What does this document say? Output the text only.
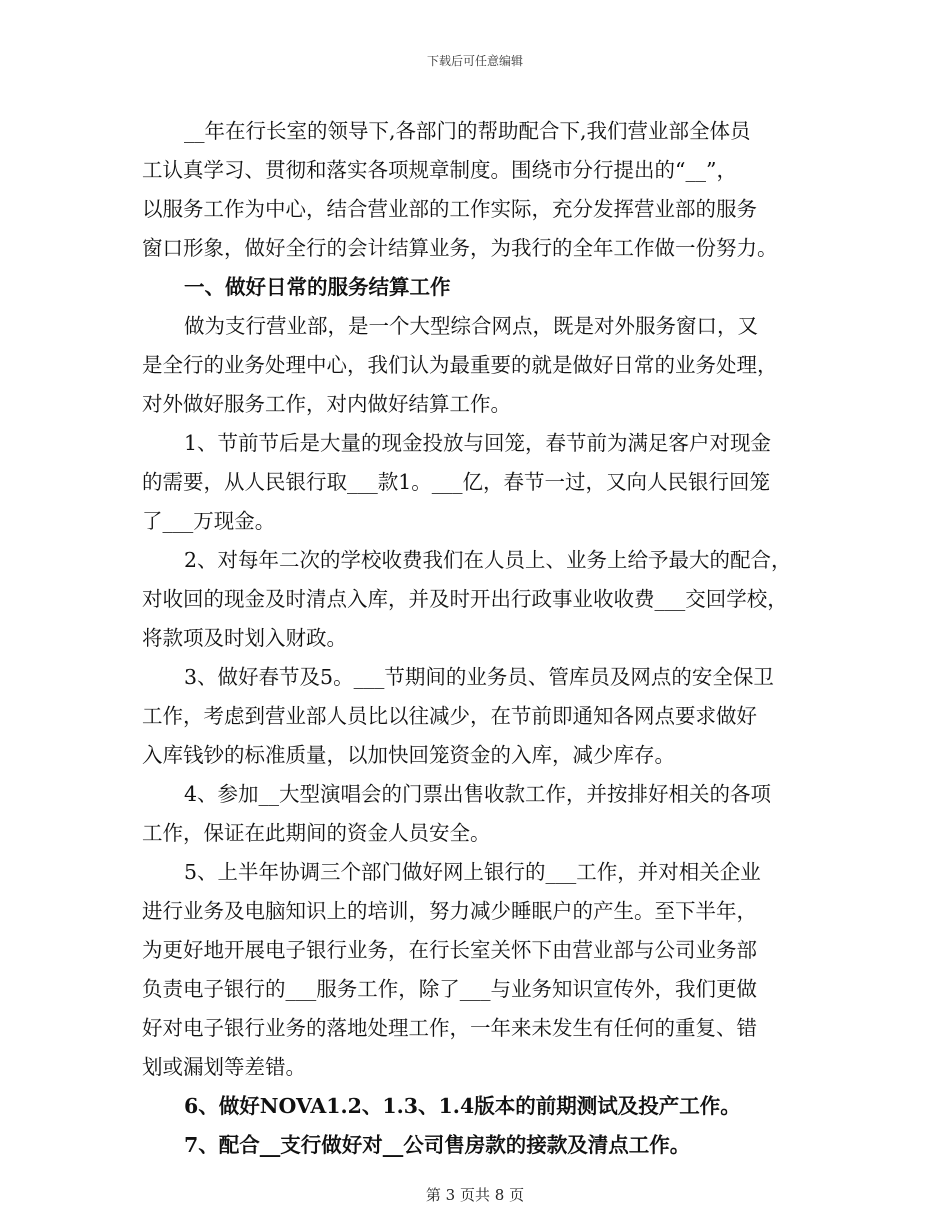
下载后可任意编辑
__年在行长室的领导下,各部门的帮助配合下,我们营业部全体员
工认真学习、贯彻和落实各项规章制度。围绕市分行提出的“__”，
以服务工作为中心，结合营业部的工作实际，充分发挥营业部的服务
窗口形象，做好全行的会计结算业务，为我行的全年工作做一份努力。
一、做好日常的服务结算工作
做为支行营业部，是一个大型综合网点，既是对外服务窗口，又
是全行的业务处理中心，我们认为最重要的就是做好日常的业务处理，
对外做好服务工作，对内做好结算工作。
1、节前节后是大量的现金投放与回笼，春节前为满足客户对现金
的需要，从人民银行取___款1。___亿，春节一过，又向人民银行回笼
了___万现金。
2、对每年二次的学校收费我们在人员上、业务上给予最大的配合，
对收回的现金及时清点入库，并及时开出行政事业收收费___交回学校，
将款项及时划入财政。
3、做好春节及5。___节期间的业务员、管库员及网点的安全保卫
工作，考虑到营业部人员比以往减少，在节前即通知各网点要求做好
入库钱钞的标准质量，以加快回笼资金的入库，减少库存。
4、参加__大型演唱会的门票出售收款工作，并按排好相关的各项
工作，保证在此期间的资金人员安全。
5、上半年协调三个部门做好网上银行的___工作，并对相关企业
进行业务及电脑知识上的培训，努力减少睡眠户的产生。至下半年，
为更好地开展电子银行业务，在行长室关怀下由营业部与公司业务部
负责电子银行的___服务工作，除了___与业务知识宣传外，我们更做
好对电子银行业务的落地处理工作，一年来未发生有任何的重复、错
划或漏划等差错。
6、做好NOVA1.2、1.3、1.4版本的前期测试及投产工作。
7、配合__支行做好对__公司售房款的接款及清点工作。
第 3 页共 8 页
